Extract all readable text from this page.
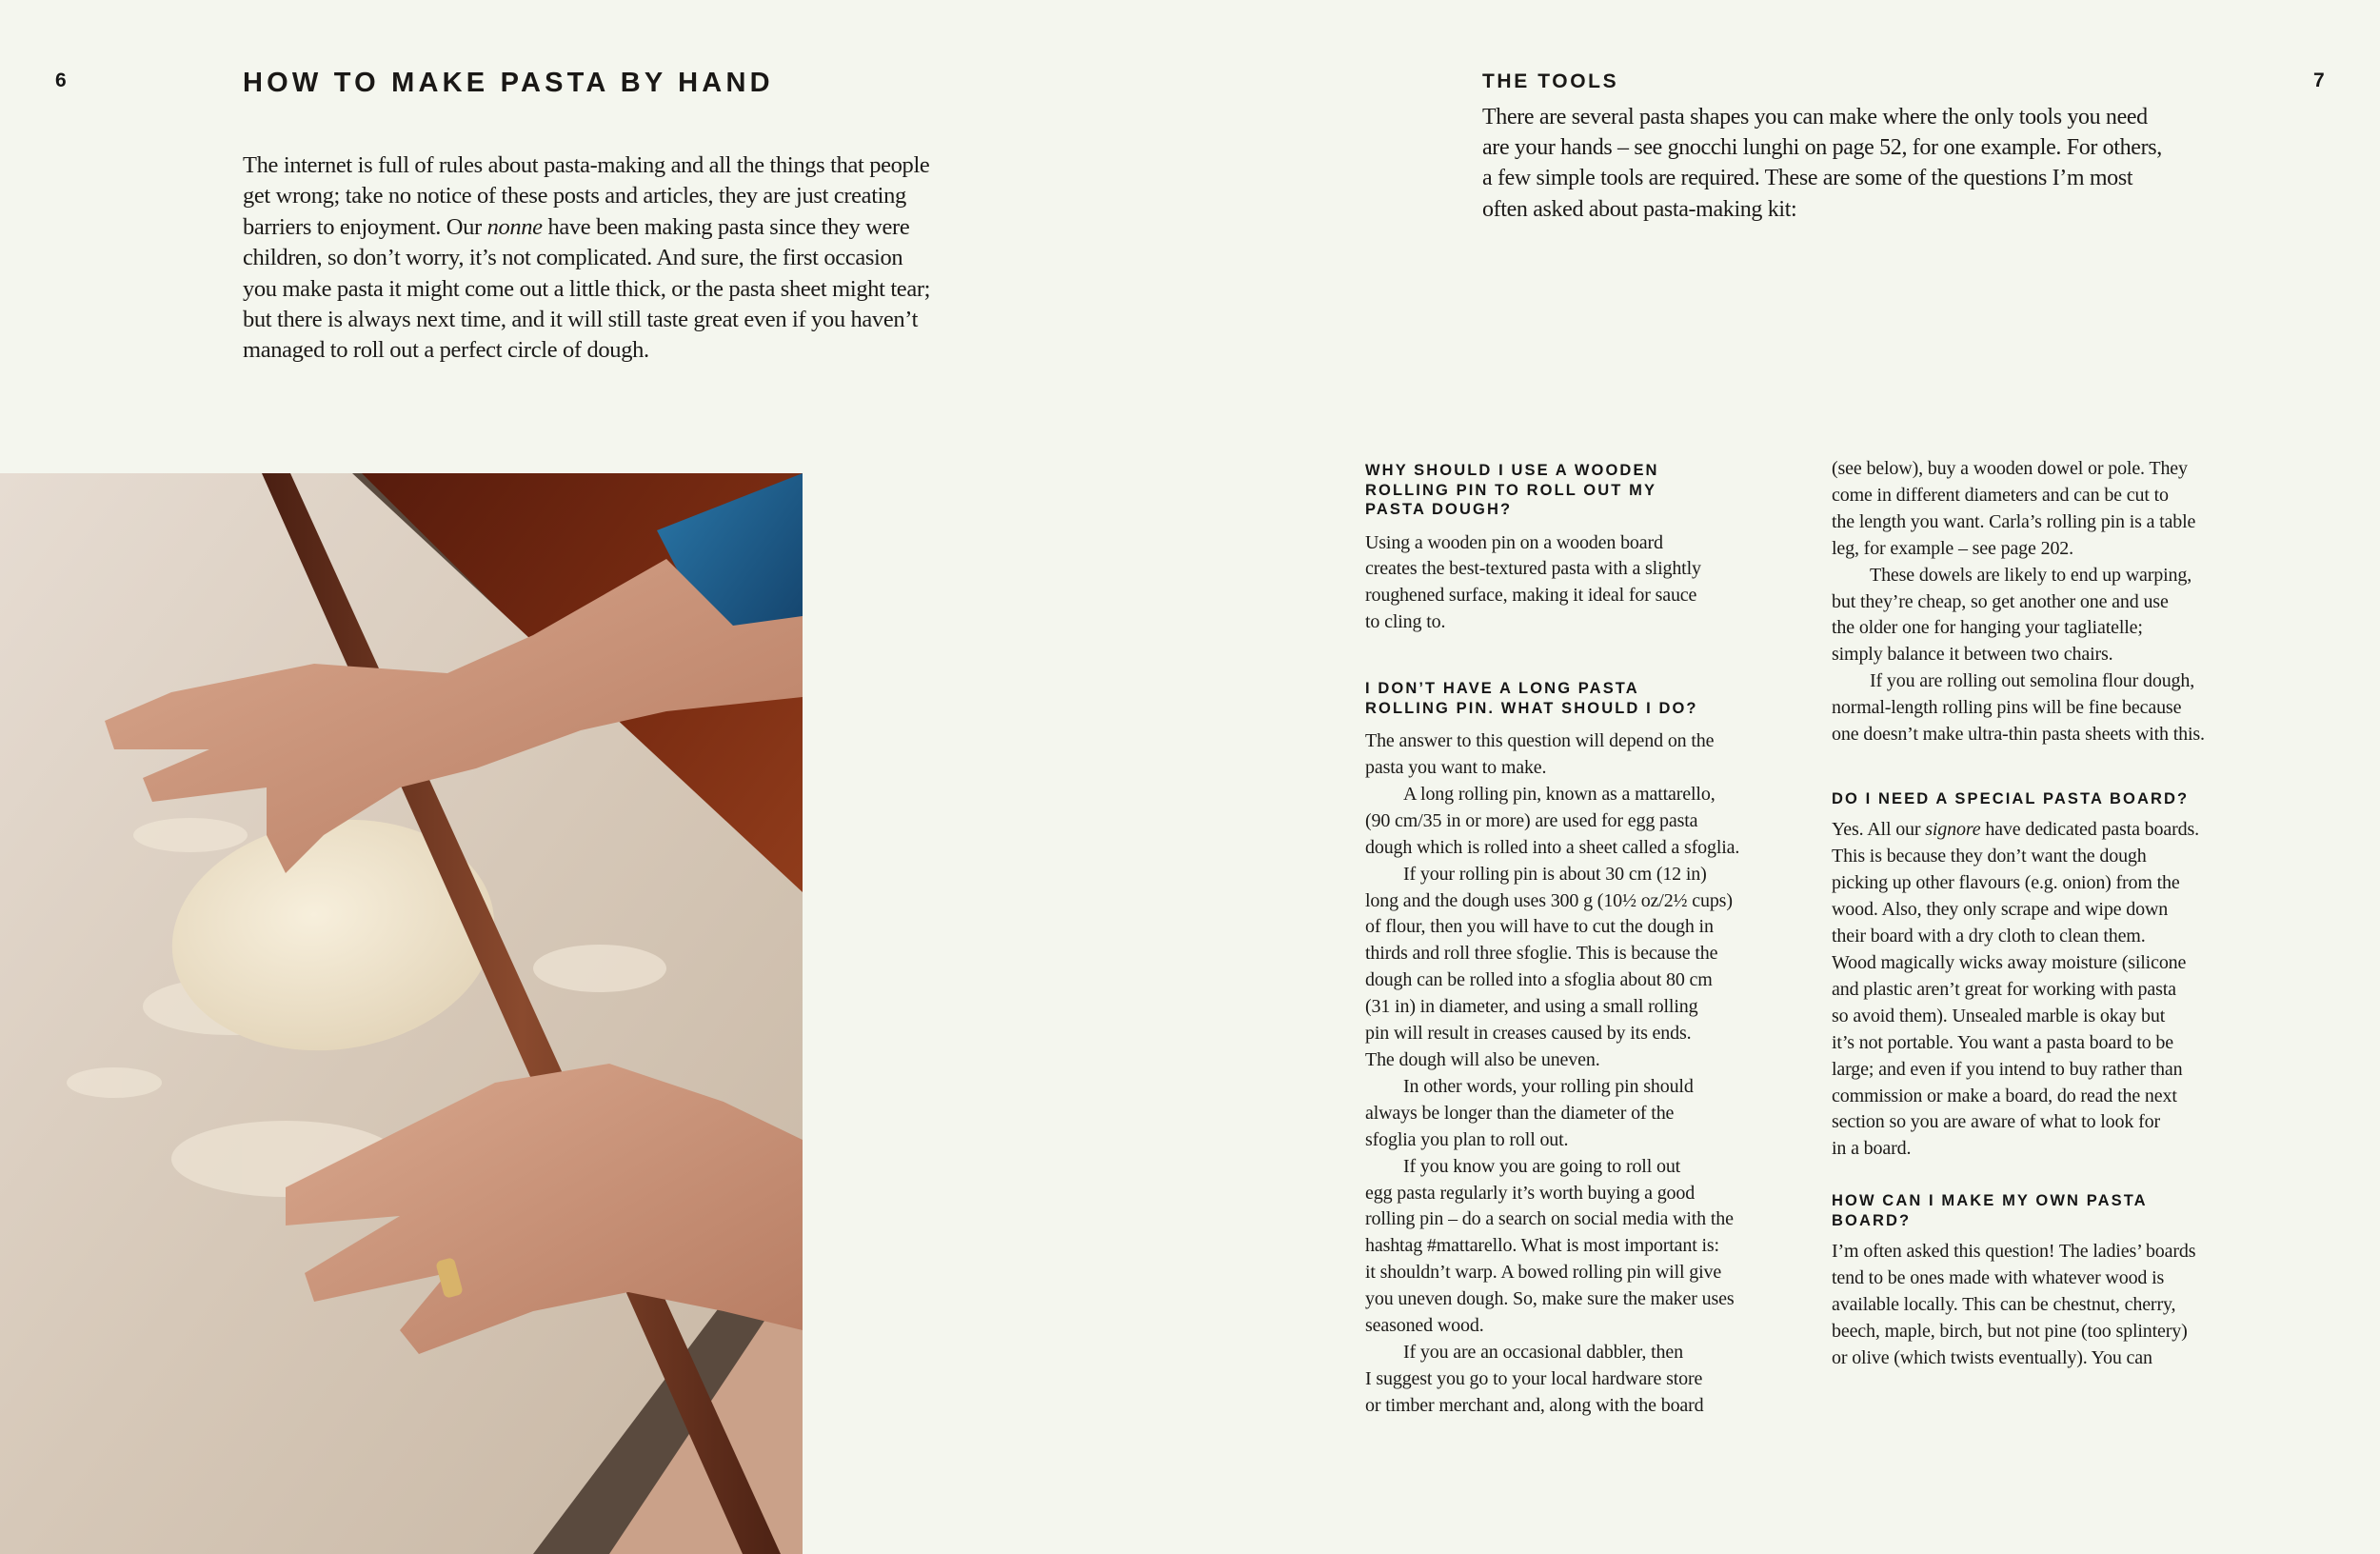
6	HOW TO MAKE PASTA BY HAND

The internet is full of rules about pasta-making and all the things that people

get wrong; take no notice of these posts and articles, they are just creating

barriers to enjoyment. Our nonne have been making pasta since they were

children, so don’t worry, it’s not complicated. And sure, the first occasion

you make pasta it might come out a little thick, or the pasta sheet might tear;

but there is always next time, and it will still taste great even if you haven’t

managed to roll out a perfect circle of dough.

THE TOOLS	7

There are several pasta shapes you can make where the only tools you need

are your hands – see gnocchi lunghi on page 52, for one example. For others,

a few simple tools are required. These are some of the questions I’m most

often asked about pasta-making kit:

WHY SHOULD I USE A WOODEN
ROLLING PIN TO ROLL OUT MY
PASTA DOUGH?
Using a wooden pin on a wooden board
creates the best-textured pasta with a slightly
roughened surface, making it ideal for sauce
to cling to.
I DON’T HAVE A LONG PASTA
ROLLING PIN. WHAT SHOULD I DO?
The answer to this question will depend on the
pasta you want to make.
A long rolling pin, known as a mattarello,
(90 cm/35 in or more) are used for egg pasta
dough which is rolled into a sheet called a sfoglia.
If your rolling pin is about 30 cm (12 in)
long and the dough uses 300 g (10½ oz/2½ cups)
of flour, then you will have to cut the dough in
thirds and roll three sfoglie. This is because the
dough can be rolled into a sfoglia about 80 cm
(31 in) in diameter, and using a small rolling
pin will result in creases caused by its ends.
The dough will also be uneven.
In other words, your rolling pin should
always be longer than the diameter of the
sfoglia you plan to roll out.
If you know you are going to roll out
egg pasta regularly it’s worth buying a good
rolling pin – do a search on social media with the
hashtag #mattarello. What is most important is:
it shouldn’t warp. A bowed rolling pin will give
you uneven dough. So, make sure the maker uses
seasoned wood.
If you are an occasional dabbler, then
I suggest you go to your local hardware store
or timber merchant and, along with the board
(see below), buy a wooden dowel or pole. They
come in different diameters and can be cut to
the length you want. Carla’s rolling pin is a table
leg, for example – see page 202.
These dowels are likely to end up warping,
but they’re cheap, so get another one and use
the older one for hanging your tagliatelle;
simply balance it between two chairs.
If you are rolling out semolina flour dough,
normal-length rolling pins will be fine because
one doesn’t make ultra-thin pasta sheets with this.
DO I NEED A SPECIAL PASTA BOARD?
Yes. All our signore have dedicated pasta boards.
This is because they don’t want the dough
picking up other flavours (e.g. onion) from the
wood. Also, they only scrape and wipe down
their board with a dry cloth to clean them.
Wood magically wicks away moisture (silicone
and plastic aren’t great for working with pasta
so avoid them). Unsealed marble is okay but
it’s not portable. You want a pasta board to be
large; and even if you intend to buy rather than
commission or make a board, do read the next
section so you are aware of what to look for
in a board.
HOW CAN I MAKE MY OWN PASTA
BOARD?
I’m often asked this question! The ladies’ boards
tend to be ones made with whatever wood is
available locally. This can be chestnut, cherry,
beech, maple, birch, but not pine (too splintery)
or olive (which twists eventually). You can
